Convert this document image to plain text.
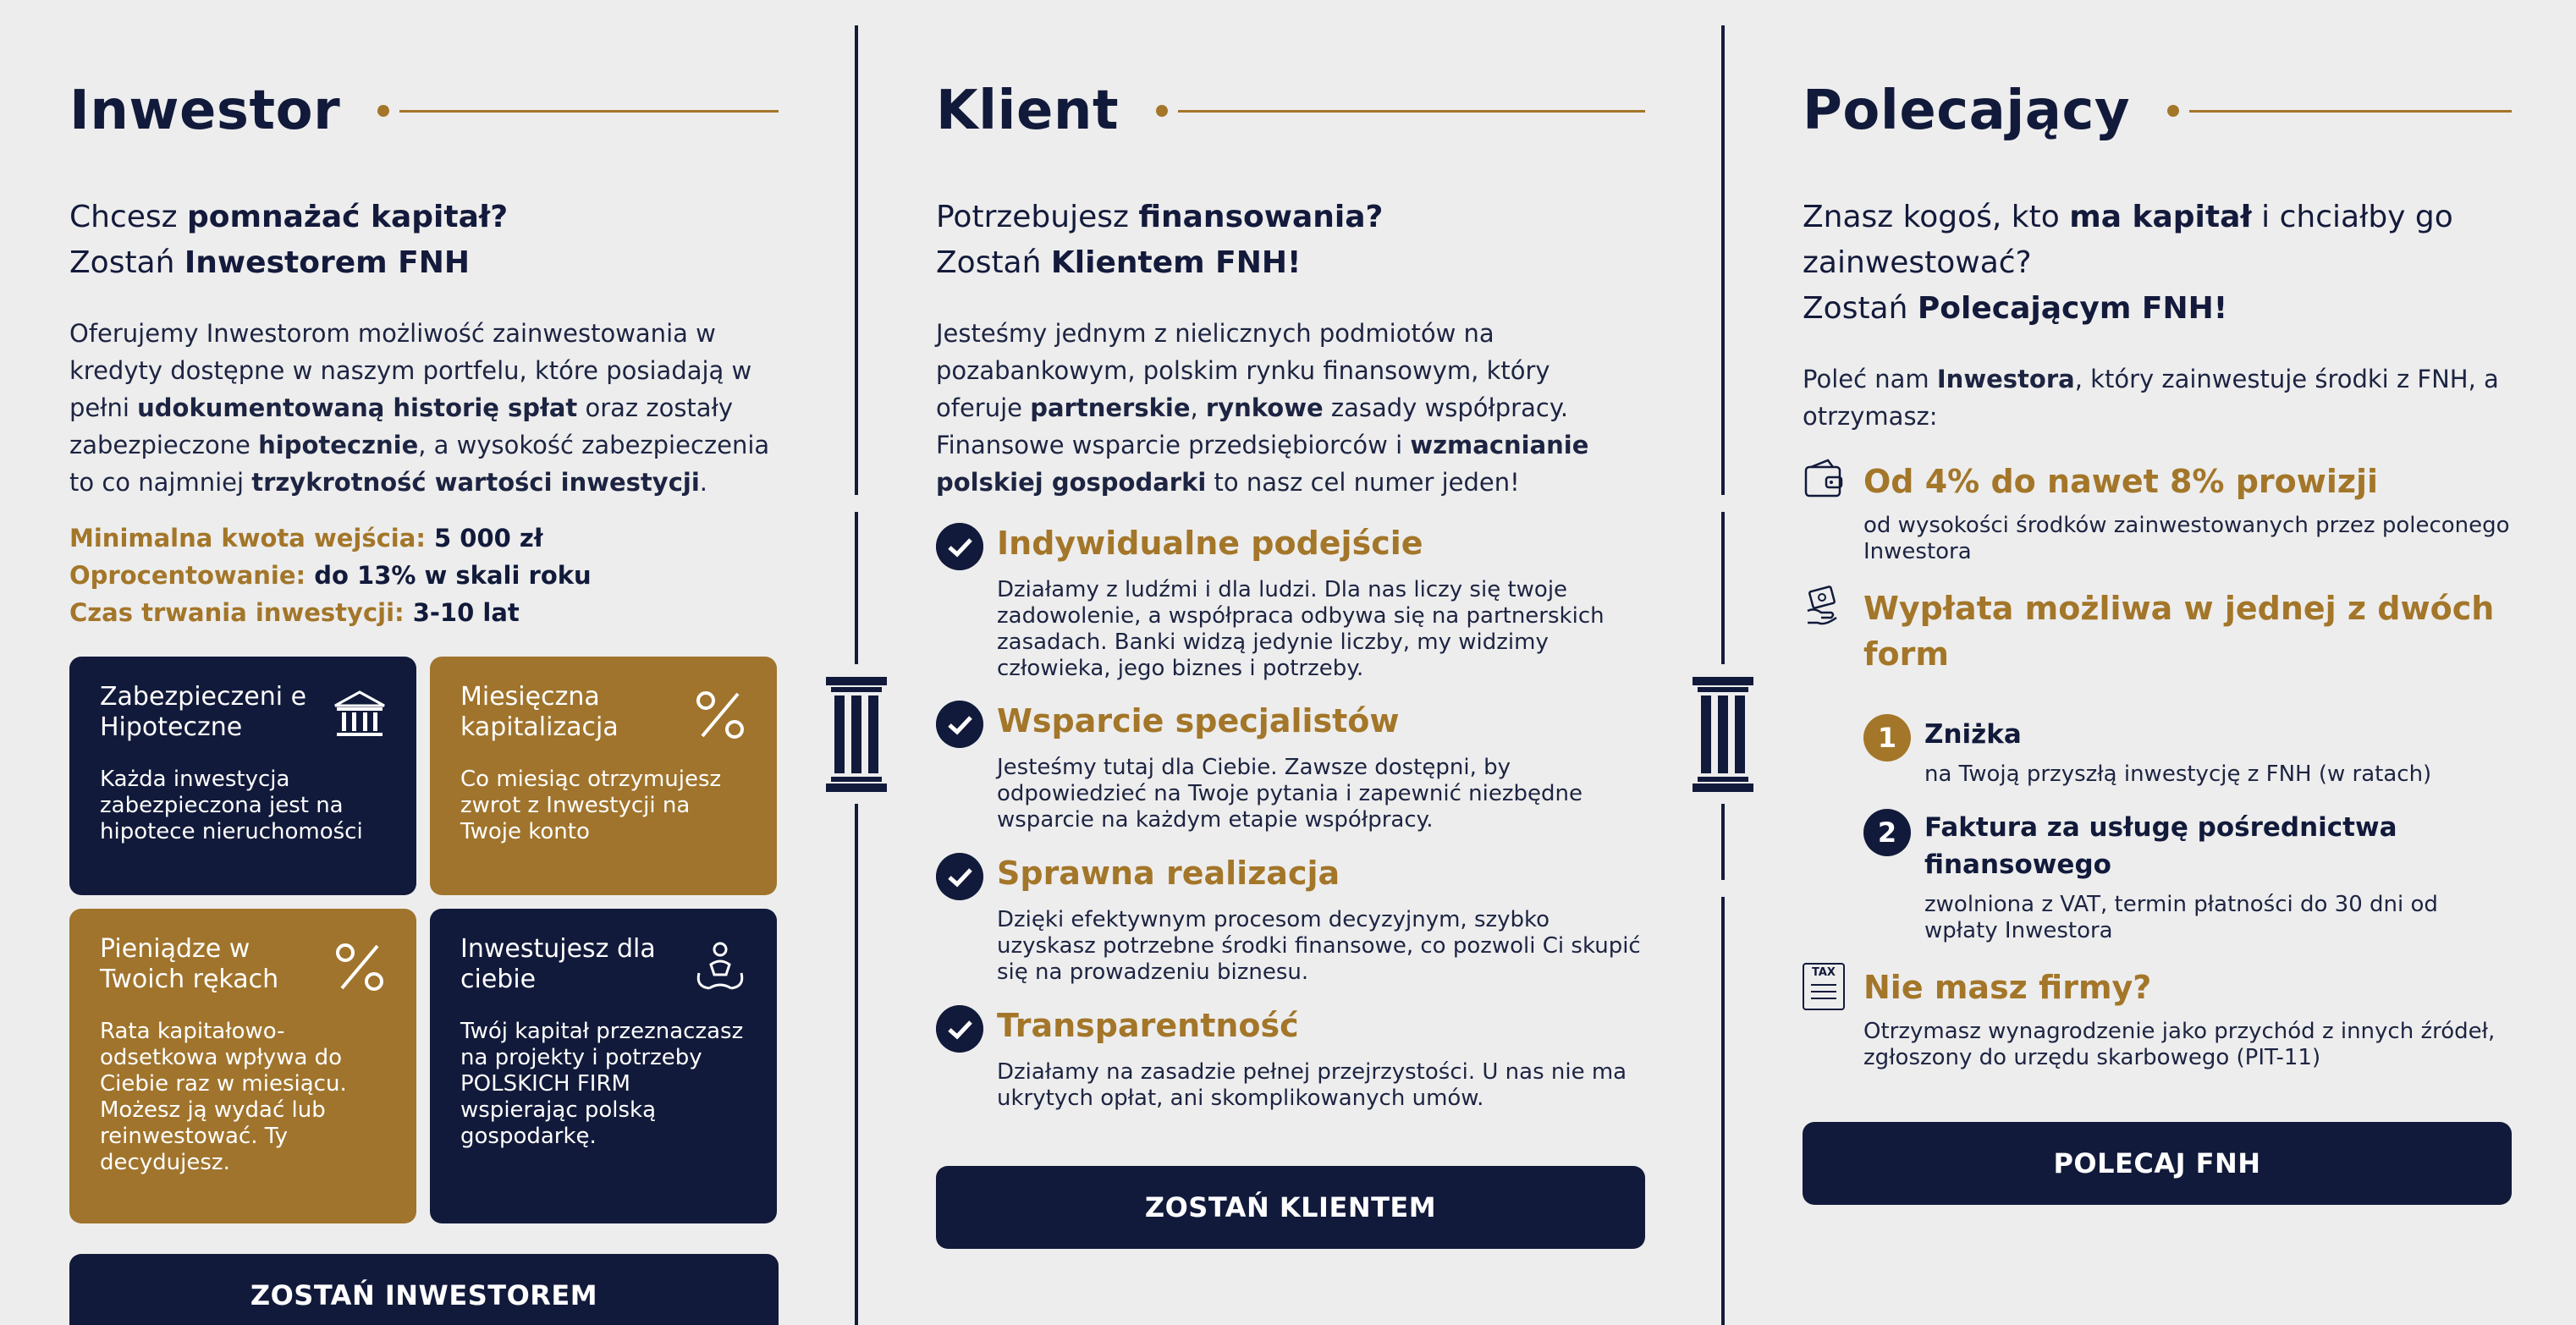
Inwestor
Chcesz pomnażać kapitał?
Zostań Inwestorem FNH

Oferujemy Inwestorom możliwość zainwestowania w kredyty dostępne w naszym portfelu, które posiadają w pełni udokumentowaną historię spłat oraz zostały zabezpieczone hipotecznie, a wysokość zabezpieczenia to co najmniej trzykrotność wartości inwestycji.

Minimalna kwota wejścia: 5 000 zł
Oprocentowanie: do 13% w skali roku
Czas trwania inwestycji: 3-10 lat
Zabezpieczeni e Hipoteczne
Każda inwestycja zabezpieczona jest na hipotece nieruchomości
Miesięczna kapitalizacja
Co miesiąc otrzymujesz zwrot z Inwestycji na Twoje konto
Pieniądze w Twoich rękach
Rata kapitałowo-odsetkowa wpływa do Ciebie raz w miesiącu. Możesz ją wydać lub reinwestować. Ty decydujesz.
Inwestujesz dla ciebie
Twój kapitał przeznaczasz na projekty i potrzeby POLSKICH FIRM wspierając polską gospodarkę.
ZOSTAŃ INWESTOREM
Klient
Potrzebujesz finansowania?
Zostań Klientem FNH!

Jesteśmy jednym z nielicznych podmiotów na pozabankowym, polskim rynku finansowym, który oferuje partnerskie, rynkowe zasady współpracy. Finansowe wsparcie przedsiębiorców i wzmacnianie polskiej gospodarki to nasz cel numer jeden!

Indywidualne podejście
Działamy z ludźmi i dla ludzi. Dla nas liczy się twoje zadowolenie, a współpraca odbywa się na partnerskich zasadach. Banki widzą jedynie liczby, my widzimy człowieka, jego biznes i potrzeby.
Wsparcie specjalistów
Jesteśmy tutaj dla Ciebie. Zawsze dostępni, by odpowiedzieć na Twoje pytania i zapewnić niezbędne wsparcie na każdym etapie współpracy.
Sprawna realizacja
Dzięki efektywnym procesom decyzyjnym, szybko uzyskasz potrzebne środki finansowe, co pozwoli Ci skupić się na prowadzeniu biznesu.
Transparentność
Działamy na zasadzie pełnej przejrzystości. U nas nie ma ukrytych opłat, ani skomplikowanych umów.
ZOSTAŃ KLIENTEM
Polecający
Znasz kogoś, kto ma kapitał i chciałby go zainwestować?
Zostań Polecającym FNH!

Poleć nam Inwestora, który zainwestuje środki z FNH, a otrzymasz:

Od 4% do nawet 8% prowizji
od wysokości środków zainwestowanych przez poleconego Inwestora
Wypłata możliwa w jednej z dwóch form
1	Zniżka
na Twoją przyszłą inwestycję z FNH (w ratach)
2	Faktura za usługę pośrednictwa finansowego
zwolniona z VAT, termin płatności do 30 dni od wpłaty Inwestora
TAX Nie masz firmy?
Otrzymasz wynagrodzenie jako przychód z innych źródeł, zgłoszony do urzędu skarbowego (PIT-11)
POLECAJ FNH
